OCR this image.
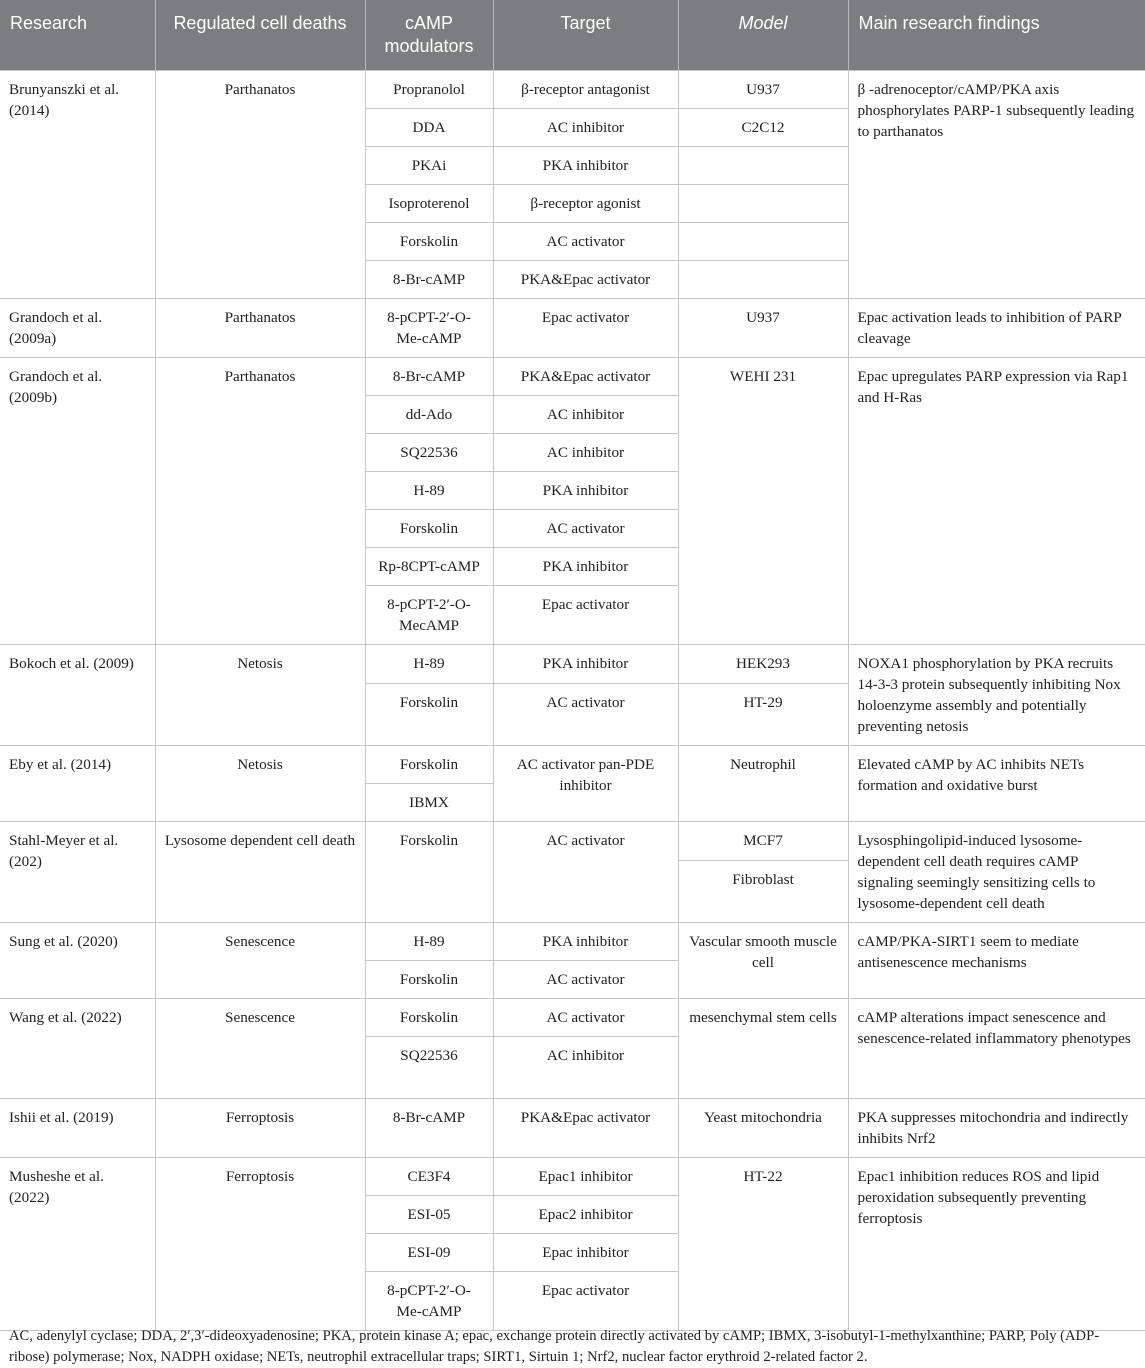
Research	Regulated cell deaths	cAMP modulators	Target	Model	Main research findings
Brunyanszki et al. (2014)	Parthanatos	Propranolol	β-receptor antagonist	U937	β -adrenoceptor/cAMP/PKA axis phosphorylates PARP-1 subsequently leading to parthanatos
		DDA	AC inhibitor	C2C12	
		PKAi	PKA inhibitor		
		Isoproterenol	β-receptor agonist		
		Forskolin	AC activator		
		8-Br-cAMP	PKA&Epac activator		
Grandoch et al. (2009a)	Parthanatos	8-pCPT-2′-O-Me-cAMP	Epac activator	U937	Epac activation leads to inhibition of PARP cleavage
Grandoch et al. (2009b)	Parthanatos	8-Br-cAMP	PKA&Epac activator	WEHI 231	Epac upregulates PARP expression via Rap1 and H-Ras
		dd-Ado	AC inhibitor		
		SQ22536	AC inhibitor		
		H-89	PKA inhibitor		
		Forskolin	AC activator		
		Rp-8CPT-cAMP	PKA inhibitor		
		8-pCPT-2′-O-MecAMP	Epac activator		
Bokoch et al. (2009)	Netosis	H-89	PKA inhibitor	HEK293	NOXA1 phosphorylation by PKA recruits 14-3-3 protein subsequently inhibiting Nox holoenzyme assembly and potentially preventing netosis
		Forskolin	AC activator	HT-29	
Eby et al. (2014)	Netosis	Forskolin	AC activator pan-PDE inhibitor	Neutrophil	Elevated cAMP by AC inhibits NETs formation and oxidative burst
		IBMX			
Stahl-Meyer et al. (202)	Lysosome dependent cell death	Forskolin	AC activator	MCF7	Lysosphingolipid-induced lysosome-dependent cell death requires cAMP signaling seemingly sensitizing cells to lysosome-dependent cell death
				Fibroblast	
Sung et al. (2020)	Senescence	H-89	PKA inhibitor	Vascular smooth muscle cell	cAMP/PKA-SIRT1 seem to mediate antisenescence mechanisms
		Forskolin	AC activator		
Wang et al. (2022)	Senescence	Forskolin	AC activator	mesenchymal stem cells	cAMP alterations impact senescence and senescence-related inflammatory phenotypes
		SQ22536	AC inhibitor		
Ishii et al. (2019)	Ferroptosis	8-Br-cAMP	PKA&Epac activator	Yeast mitochondria	PKA suppresses mitochondria and indirectly inhibits Nrf2
Musheshe et al. (2022)	Ferroptosis	CE3F4	Epac1 inhibitor	HT-22	Epac1 inhibition reduces ROS and lipid peroxidation subsequently preventing ferroptosis
		ESI-05	Epac2 inhibitor		
		ESI-09	Epac inhibitor		
		8-pCPT-2′-O-Me-cAMP	Epac activator		
AC, adenylyl cyclase; DDA, 2′,3′-dideoxyadenosine; PKA, protein kinase A; epac, exchange protein directly activated by cAMP; IBMX, 3-isobutyl-1-methylxanthine; PARP, Poly (ADP-ribose) polymerase; Nox, NADPH oxidase; NETs, neutrophil extracellular traps; SIRT1, Sirtuin 1; Nrf2, nuclear factor erythroid 2-related factor 2.
